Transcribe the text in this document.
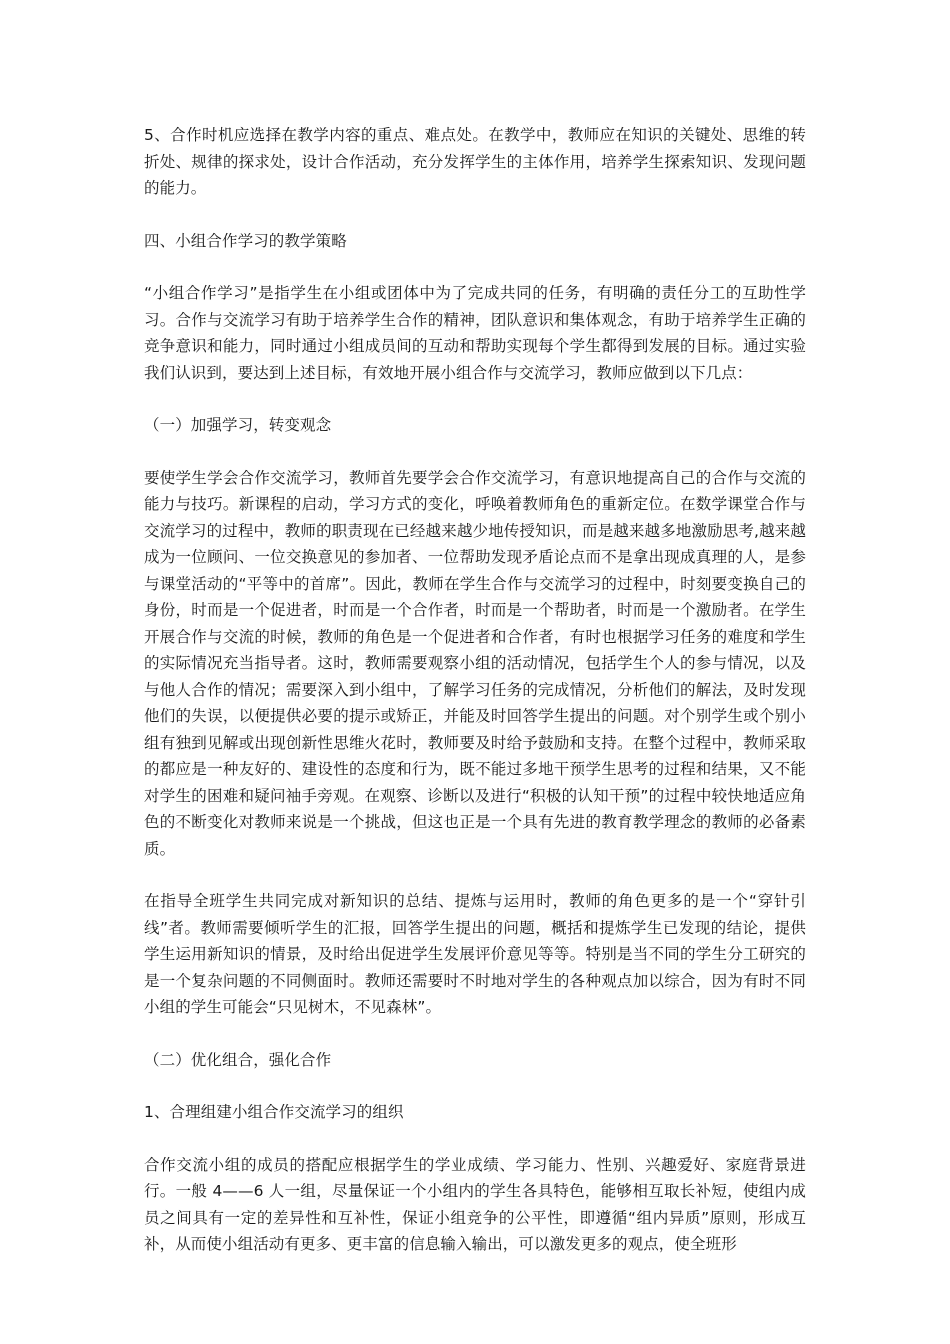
5、合作时机应选择在教学内容的重点、难点处。在教学中，教师应在知识的关键处、思维的转折处、规律的探求处，设计合作活动，充分发挥学生的主体作用，培养学生探索知识、发现问题的能力。

四、小组合作学习的教学策略

“小组合作学习”是指学生在小组或团体中为了完成共同的任务，有明确的责任分工的互助性学习。合作与交流学习有助于培养学生合作的精神，团队意识和集体观念，有助于培养学生正确的竞争意识和能力，同时通过小组成员间的互动和帮助实现每个学生都得到发展的目标。通过实验我们认识到，要达到上述目标，有效地开展小组合作与交流学习，教师应做到以下几点：

（一）加强学习，转变观念

要使学生学会合作交流学习，教师首先要学会合作交流学习，有意识地提高自己的合作与交流的能力与技巧。新课程的启动，学习方式的变化，呼唤着教师角色的重新定位。在数学课堂合作与交流学习的过程中，教师的职责现在已经越来越少地传授知识，而是越来越多地激励思考,越来越成为一位顾问、一位交换意见的参加者、一位帮助发现矛盾论点而不是拿出现成真理的人，是参与课堂活动的“平等中的首席”。因此，教师在学生合作与交流学习的过程中，时刻要变换自己的身份，时而是一个促进者，时而是一个合作者，时而是一个帮助者，时而是一个激励者。在学生开展合作与交流的时候，教师的角色是一个促进者和合作者，有时也根据学习任务的难度和学生的实际情况充当指导者。这时，教师需要观察小组的活动情况，包括学生个人的参与情况，以及与他人合作的情况；需要深入到小组中，了解学习任务的完成情况，分析他们的解法，及时发现他们的失误，以便提供必要的提示或矫正，并能及时回答学生提出的问题。对个别学生或个别小组有独到见解或出现创新性思维火花时，教师要及时给予鼓励和支持。在整个过程中，教师采取的都应是一种友好的、建设性的态度和行为，既不能过多地干预学生思考的过程和结果，又不能对学生的困难和疑问袖手旁观。在观察、诊断以及进行“积极的认知干预”的过程中较快地适应角色的不断变化对教师来说是一个挑战，但这也正是一个具有先进的教育教学理念的教师的必备素质。

在指导全班学生共同完成对新知识的总结、提炼与运用时，教师的角色更多的是一个“穿针引线”者。教师需要倾听学生的汇报，回答学生提出的问题，概括和提炼学生已发现的结论，提供学生运用新知识的情景，及时给出促进学生发展评价意见等等。特别是当不同的学生分工研究的是一个复杂问题的不同侧面时。教师还需要时不时地对学生的各种观点加以综合，因为有时不同小组的学生可能会“只见树木，不见森林”。

（二）优化组合，强化合作

1、合理组建小组合作交流学习的组织

合作交流小组的成员的搭配应根据学生的学业成绩、学习能力、性别、兴趣爱好、家庭背景进行。一般 4——6 人一组，尽量保证一个小组内的学生各具特色，能够相互取长补短，使组内成员之间具有一定的差异性和互补性，保证小组竞争的公平性，即遵循“组内异质”原则，形成互补，从而使小组活动有更多、更丰富的信息输入输出，可以激发更多的观点，使全班形
